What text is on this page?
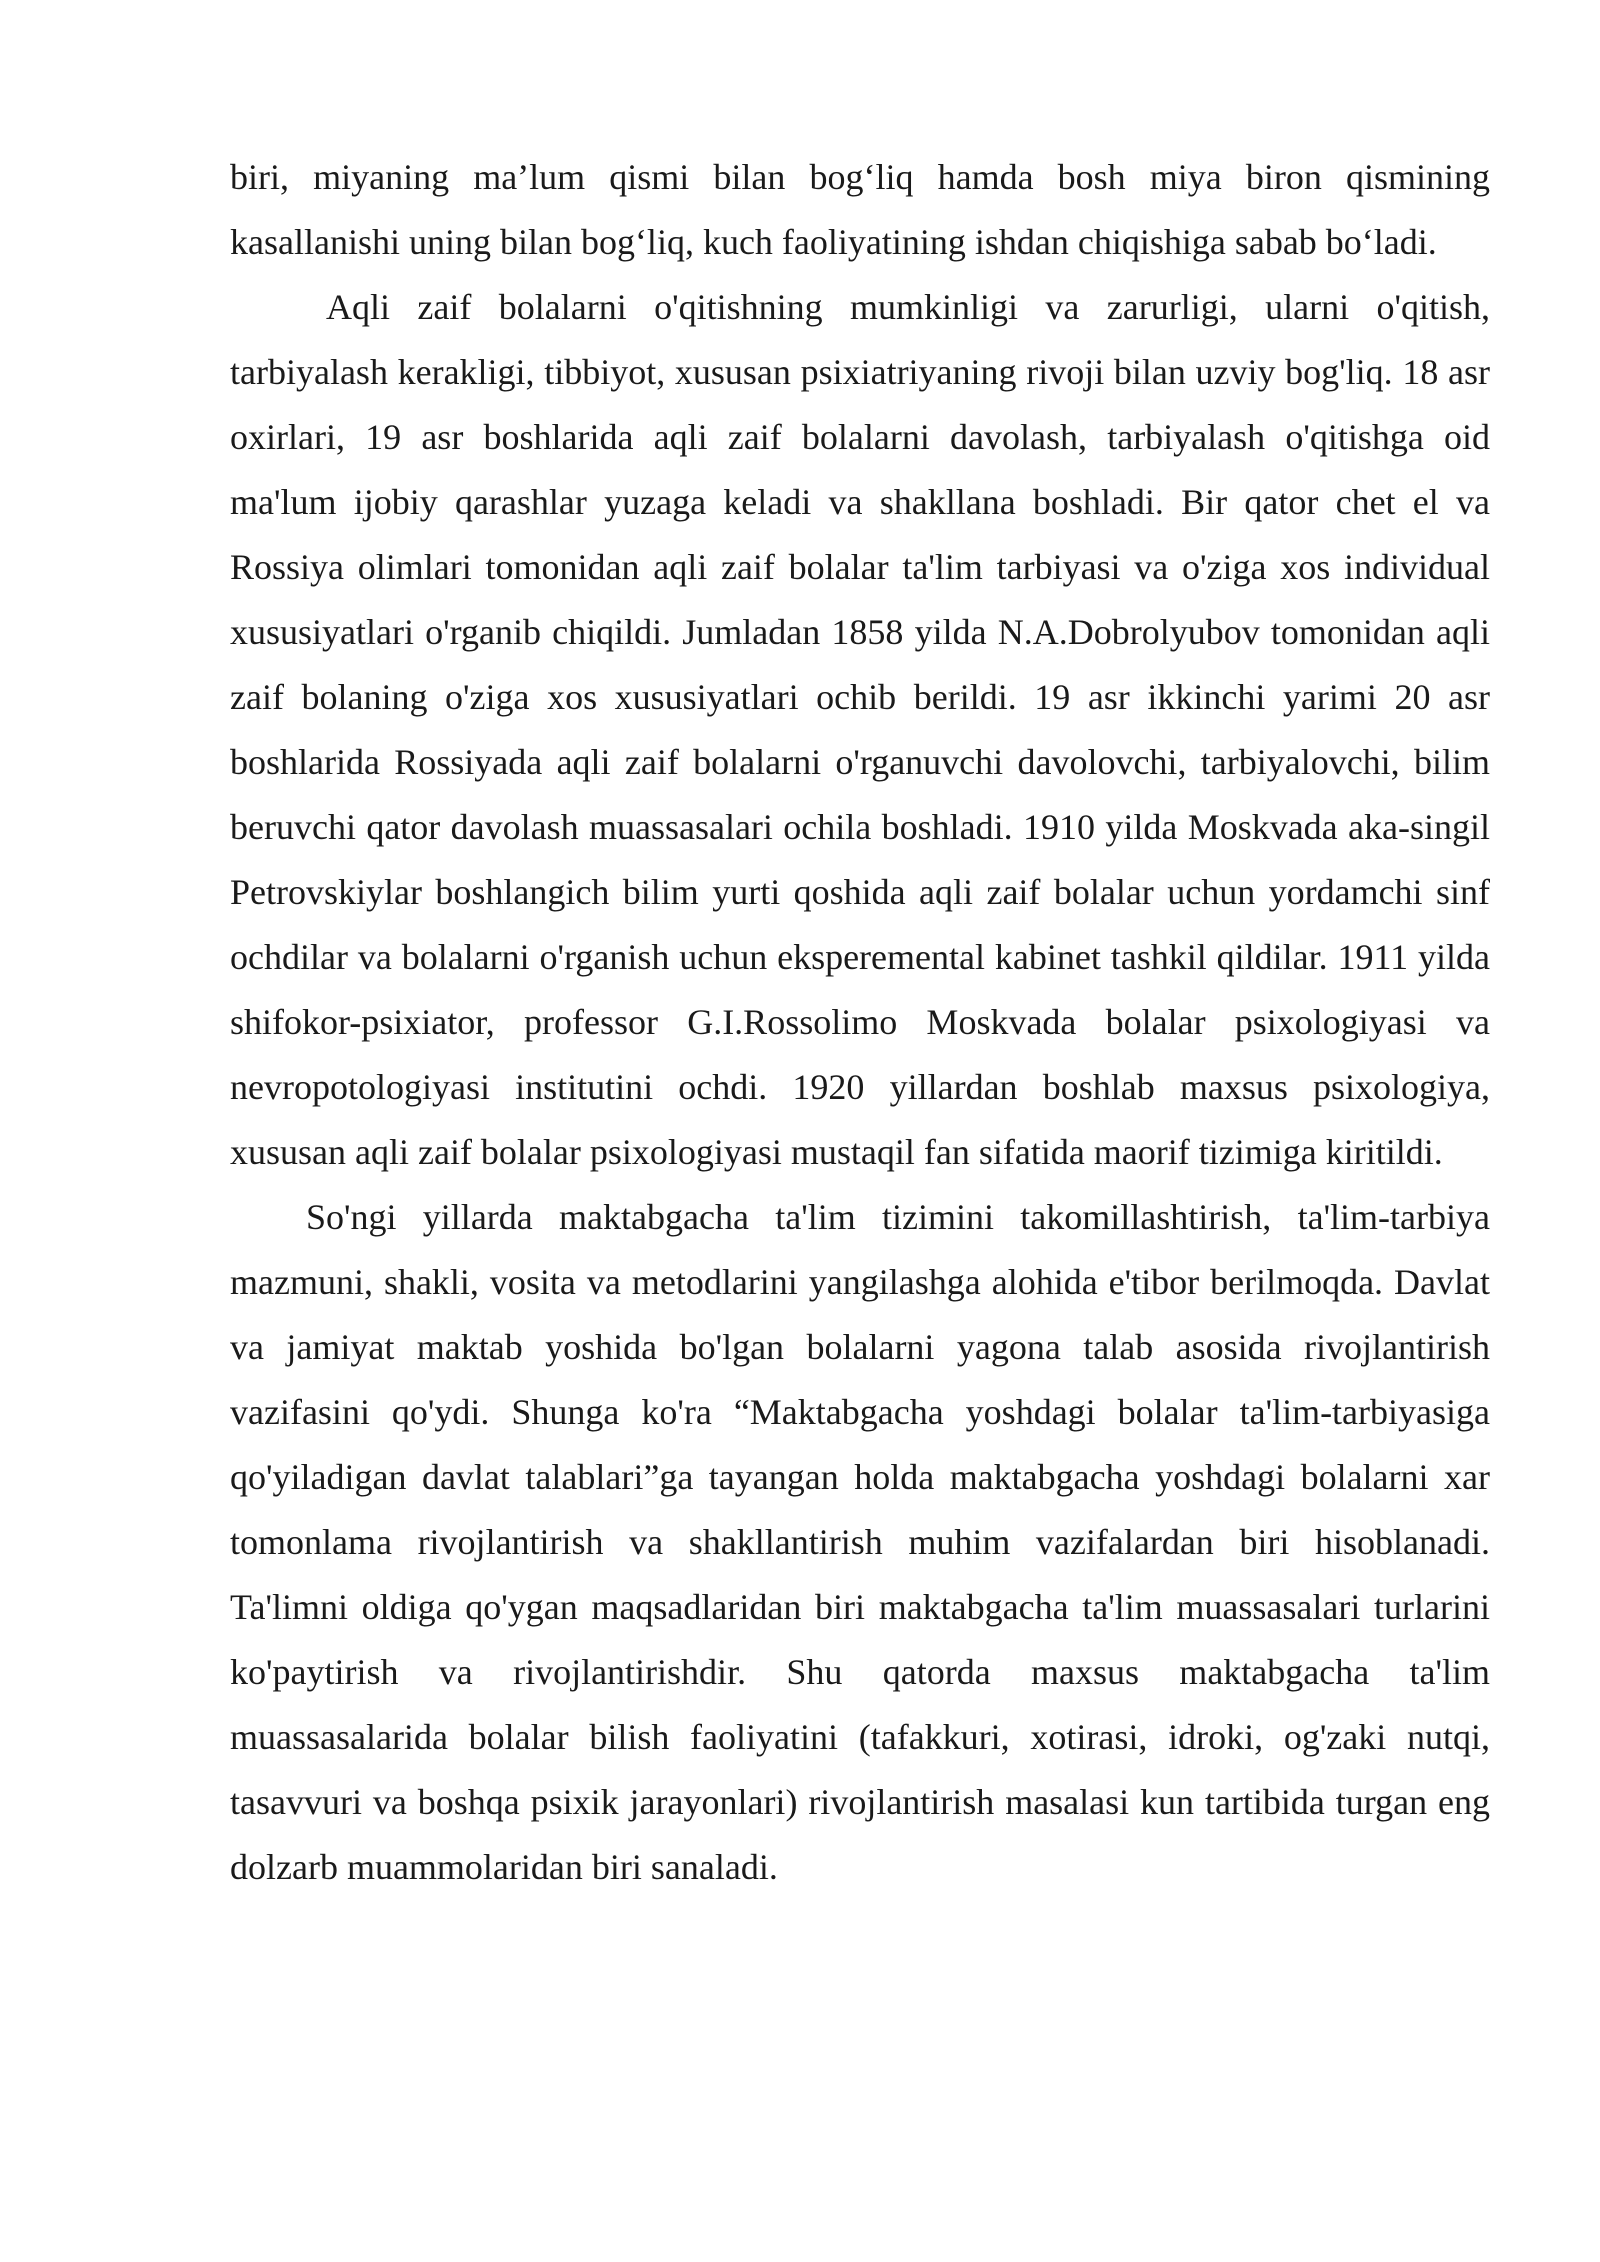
biri, miyaning ma’lum qismi bilan bog‘liq hamda bosh miya biron qismining kasallanishi uning bilan bog‘liq, kuch faoliyatining ishdan chiqishiga sabab bo‘ladi.

Aqli zaif bolalarni o'qitishning mumkinligi va zarurligi, ularni o'qitish, tarbiyalash kerakligi, tibbiyot, xususan psixiatriyaning rivoji bilan uzviy bog'liq. 18 asr oxirlari, 19 asr boshlarida aqli zaif bolalarni davolash, tarbiyalash o'qitishga oid ma'lum ijobiy qarashlar yuzaga keladi va shakllana boshladi. Bir qator chet el va Rossiya olimlari tomonidan aqli zaif bolalar ta'lim tarbiyasi va o'ziga xos individual xususiyatlari o'rganib chiqildi. Jumladan 1858 yilda N.A.Dobrolyubov tomonidan aqli zaif bolaning o'ziga xos xususiyatlari ochib berildi. 19 asr ikkinchi yarimi 20 asr boshlarida Rossiyada aqli zaif bolalarni o'rganuvchi davolovchi, tarbiyalovchi, bilim beruvchi qator davolash muassasalari ochila boshladi. 1910 yilda Moskvada aka-singil Petrovskiylar boshlangich bilim yurti qoshida aqli zaif bolalar uchun yordamchi sinf ochdilar va bolalarni o'rganish uchun eksperemental kabinet tashkil qildilar. 1911 yilda shifokor-psixiator, professor G.I.Rossolimo Moskvada bolalar psixologiyasi va nevropotologiyasi institutini ochdi. 1920 yillardan boshlab maxsus psixologiya, xususan aqli zaif bolalar psixologiyasi mustaqil fan sifatida maorif tizimiga kiritildi.

So'ngi yillarda maktabgacha ta'lim tizimini takomillashtirish, ta'lim-tarbiya mazmuni, shakli, vosita va metodlarini yangilashga alohida e'tibor berilmoqda. Davlat va jamiyat maktab yoshida bo'lgan bolalarni yagona talab asosida rivojlantirish vazifasini qo'ydi. Shunga ko'ra “Maktabgacha yoshdagi bolalar ta'lim-tarbiyasiga qo'yiladigan davlat talablari”ga tayangan holda maktabgacha yoshdagi bolalarni xar tomonlama rivojlantirish va shakllantirish muhim vazifalardan biri hisoblanadi. Ta'limni oldiga qo'ygan maqsadlaridan biri maktabgacha ta'lim muassasalari turlarini ko'paytirish va rivojlantirishdir. Shu qatorda maxsus maktabgacha ta'lim muassasalarida bolalar bilish faoliyatini (tafakkuri, xotirasi, idroki, og'zaki nutqi, tasavvuri va boshqa psixik jarayonlari) rivojlantirish masalasi kun tartibida turgan eng dolzarb muammolaridan biri sanaladi.
